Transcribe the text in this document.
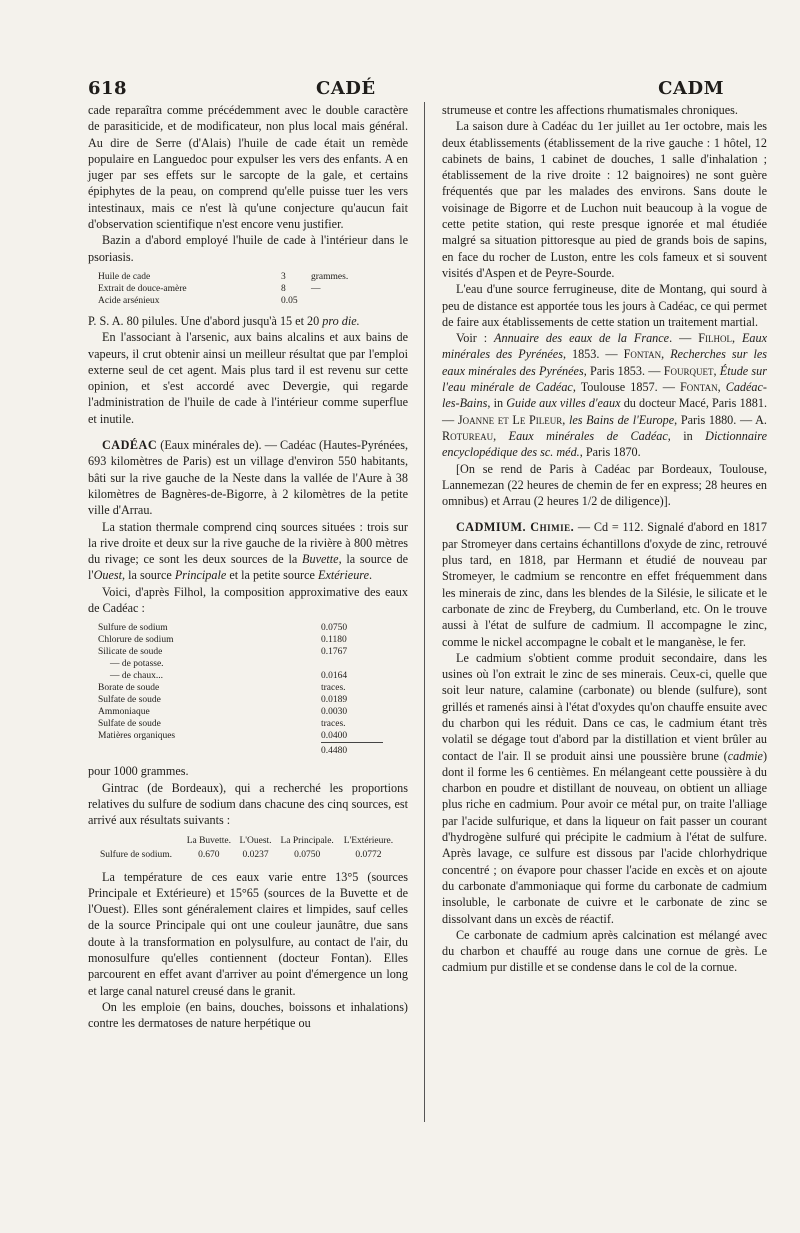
618	CADÉ	CADM

cade reparaîtra comme précédemment avec le double caractère de parasiticide, et de modificateur, non plus local mais général. Au dire de Serre (d'Alais) l'huile de cade était un remède populaire en Languedoc pour expulser les vers des enfants. A en juger par ses effets sur le sarcopte de la gale, et certains épiphytes de la peau, on comprend qu'elle puisse tuer les vers intestinaux, mais ce n'est là qu'une conjecture qu'aucun fait d'observation scientifique n'est encore venu justifier.

Bazin a d'abord employé l'huile de cade à l'intérieur dans le psoriasis.

Huile de cade	3	grammes.
Extrait de douce-amère	8	—
Acide arsénieux	0.05	

P. S. A. 80 pilules. Une d'abord jusqu'à 15 et 20 pro die.

En l'associant à l'arsenic, aux bains alcalins et aux bains de vapeurs, il crut obtenir ainsi un meilleur résultat que par l'emploi externe seul de cet agent. Mais plus tard il est revenu sur cette opinion, et s'est accordé avec Devergie, qui regarde l'administration de l'huile de cade à l'intérieur comme superflue et inutile.

CADÉAC (Eaux minérales de). — Cadéac (Hautes-Pyrénées, 693 kilomètres de Paris) est un village d'environ 550 habitants, bâti sur la rive gauche de la Neste dans la vallée de l'Aure à 38 kilomètres de Bagnères-de-Bigorre, à 2 kilomètres de la petite ville d'Arrau.

La station thermale comprend cinq sources situées : trois sur la rive droite et deux sur la rive gauche de la rivière à 800 mètres du rivage; ce sont les deux sources de la Buvette, la source de l'Ouest, la source Principale et la petite source Extérieure.

Voici, d'après Filhol, la composition approximative des eaux de Cadéac :

Sulfure de sodium	0.0750
Chlorure de sodium	0.1180
Silicate de soude	0.1767
— de potasse.	
— de chaux...	0.0164
Borate de soude	traces.
Sulfate de soude	0.0189
Ammoniaque	0.0030
Sulfate de soude	traces.
Matières organiques	0.0400
	0.4480

pour 1000 grammes.

Gintrac (de Bordeaux), qui a recherché les proportions relatives du sulfure de sodium dans chacune des cinq sources, est arrivé aux résultats suivants :

	La Buvette.	L'Ouest.	La Principale.	L'Extérieure.
Sulfure de sodium.	0.670	0.0237	0.0750	0.0772

La température de ces eaux varie entre 13°5 (sources Principale et Extérieure) et 15°65 (sources de la Buvette et de l'Ouest). Elles sont généralement claires et limpides, sauf celles de la source Principale qui ont une couleur jaunâtre, due sans doute à la transformation en polysulfure, au contact de l'air, du monosulfure qu'elles contiennent (docteur Fontan). Elles parcourent en effet avant d'arriver au point d'émergence un long et large canal naturel creusé dans le granit.

On les emploie (en bains, douches, boissons et inhalations) contre les dermatoses de nature herpétique ou

strumeuse et contre les affections rhumatismales chroniques.

La saison dure à Cadéac du 1er juillet au 1er octobre, mais les deux établissements (établissement de la rive gauche : 1 hôtel, 12 cabinets de bains, 1 cabinet de douches, 1 salle d'inhalation ; établissement de la rive droite : 12 baignoires) ne sont guère fréquentés que par les malades des environs. Sans doute le voisinage de Bigorre et de Luchon nuit beaucoup à la vogue de cette petite station, qui reste presque ignorée et mal étudiée malgré sa situation pittoresque au pied de grands bois de sapins, en face du rocher de Luston, entre les cols fameux et si souvent visités d'Aspen et de Peyre-Sourde.

L'eau d'une source ferrugineuse, dite de Montang, qui sourd à peu de distance est apportée tous les jours à Cadéac, ce qui permet de faire aux établissements de cette station un traitement martial.

Voir : Annuaire des eaux de la France. — Filhol, Eaux minérales des Pyrénées, 1853. — Fontan, Recherches sur les eaux minérales des Pyrénées, Paris 1853. — Fourquet, Étude sur l'eau minérale de Cadéac, Toulouse 1857. — Fontan, Cadéac-les-Bains, in Guide aux villes d'eaux du docteur Macé, Paris 1881. — Joanne et Le Pileur, les Bains de l'Europe, Paris 1880. — A. Rotureau, Eaux minérales de Cadéac, in Dictionnaire encyclopédique des sc. méd., Paris 1870.

[On se rend de Paris à Cadéac par Bordeaux, Toulouse, Lannemezan (22 heures de chemin de fer en express; 28 heures en omnibus) et Arrau (2 heures 1/2 de diligence)].

CADMIUM. Chimie. — Cd = 112. Signalé d'abord en 1817 par Stromeyer dans certains échantillons d'oxyde de zinc, retrouvé plus tard, en 1818, par Hermann et étudié de nouveau par Stromeyer, le cadmium se rencontre en effet fréquemment dans les minerais de zinc, dans les blendes de la Silésie, le silicate et le carbonate de zinc de Freyberg, du Cumberland, etc. On le trouve aussi à l'état de sulfure de cadmium. Il accompagne le zinc, comme le nickel accompagne le cobalt et le manganèse, le fer.

Le cadmium s'obtient comme produit secondaire, dans les usines où l'on extrait le zinc de ses minerais. Ceux-ci, quelle que soit leur nature, calamine (carbonate) ou blende (sulfure), sont grillés et ramenés ainsi à l'état d'oxydes qu'on chauffe ensuite avec du charbon qui les réduit. Dans ce cas, le cadmium étant très volatil se dégage tout d'abord par la distillation et vient brûler au contact de l'air. Il se produit ainsi une poussière brune (cadmie) dont il forme les 6 centièmes. En mélangeant cette poussière à du charbon en poudre et distillant de nouveau, on obtient un alliage plus riche en cadmium. Pour avoir ce métal pur, on traite l'alliage par l'acide sulfurique, et dans la liqueur on fait passer un courant d'hydrogène sulfuré qui précipite le cadmium à l'état de sulfure. Après lavage, ce sulfure est dissous par l'acide chlorhydrique concentré ; on évapore pour chasser l'acide en excès et on ajoute du carbonate d'ammoniaque qui forme du carbonate de cadmium insoluble, le carbonate de cuivre et le carbonate de zinc se dissolvant dans un excès de réactif.

Ce carbonate de cadmium après calcination est mélangé avec du charbon et chauffé au rouge dans une cornue de grès. Le cadmium pur distille et se condense dans le col de la cornue.
